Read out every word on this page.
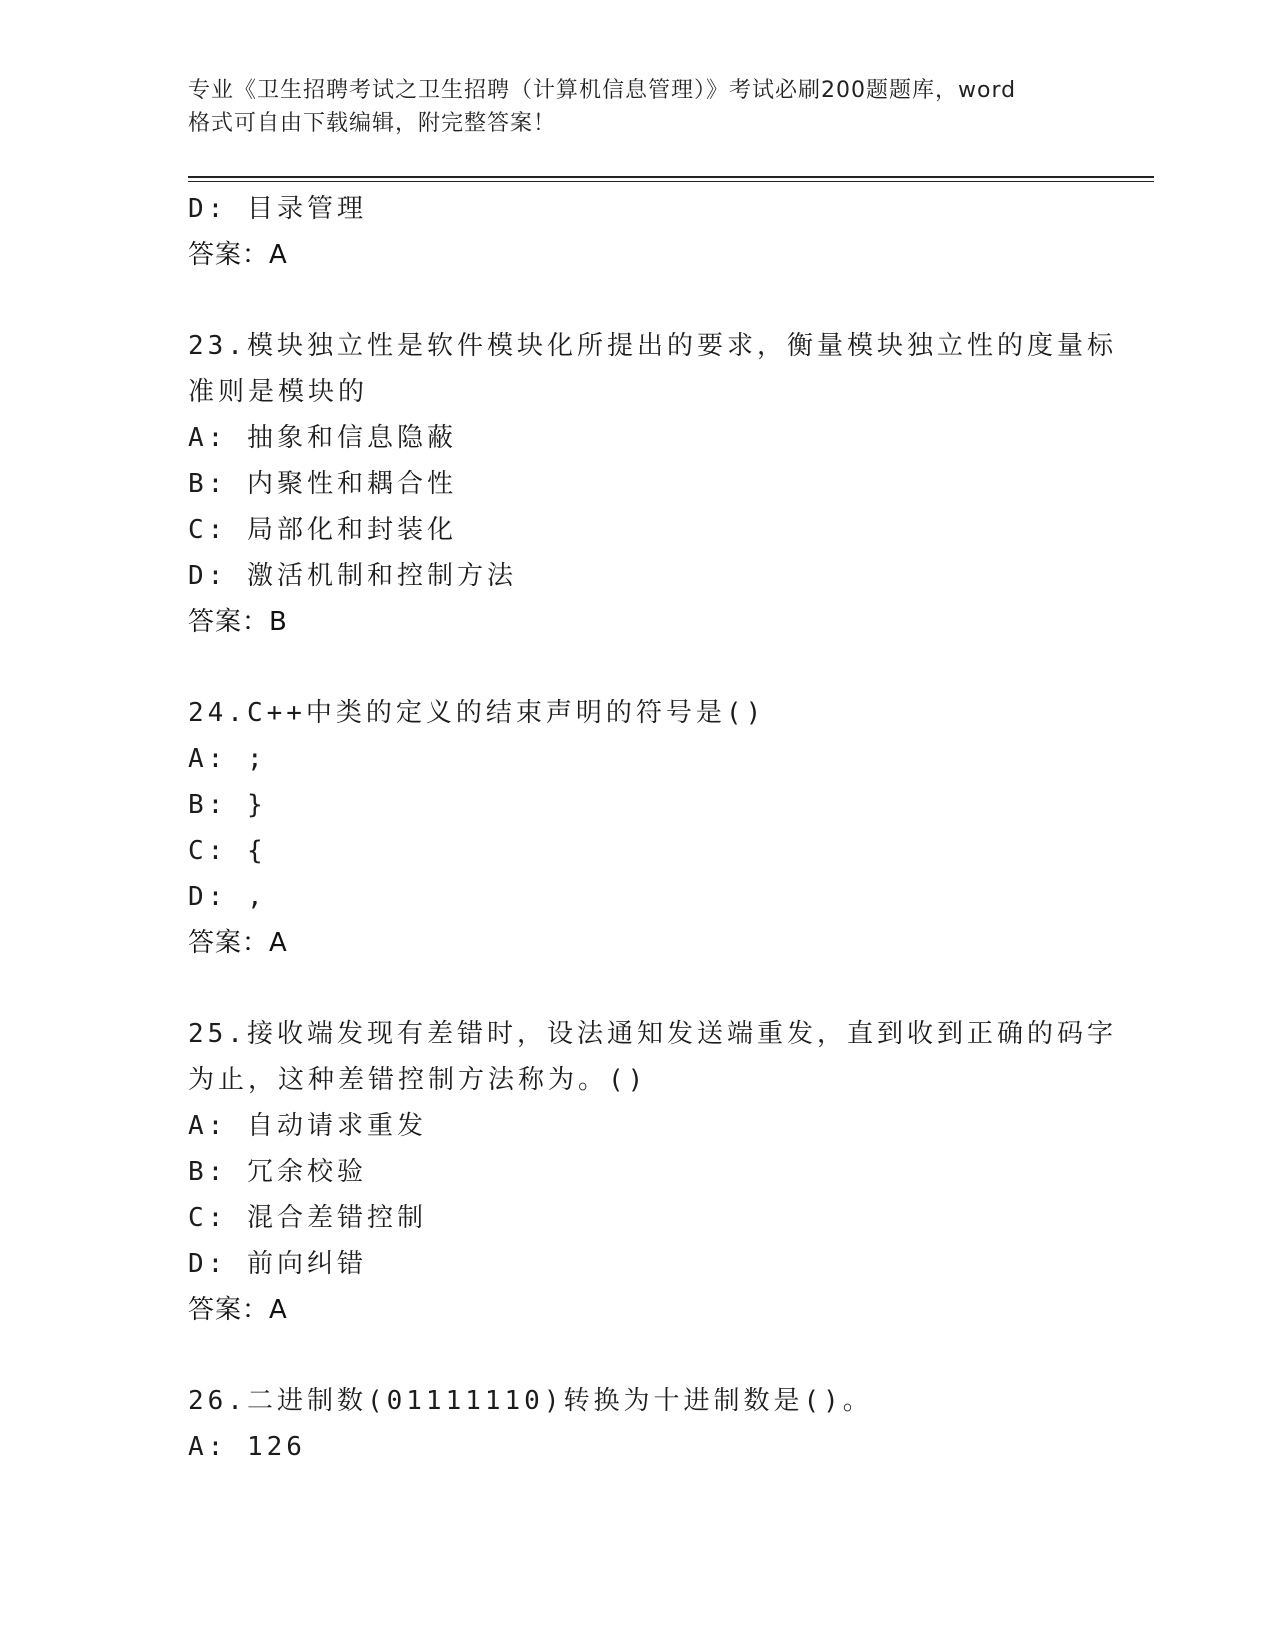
专业《卫生招聘考试之卫生招聘（计算机信息管理）》考试必刷200题题库，word
格式可自由下载编辑，附完整答案！
D: 目录管理
答案：A
23.模块独立性是软件模块化所提出的要求，衡量模块独立性的度量标
准则是模块的
A: 抽象和信息隐蔽
B: 内聚性和耦合性
C: 局部化和封装化
D: 激活机制和控制方法
答案：B
24.C++中类的定义的结束声明的符号是()
A: ;
B: }
C: {
D: ,
答案：A
25.接收端发现有差错时，设法通知发送端重发，直到收到正确的码字
为止，这种差错控制方法称为。()
A: 自动请求重发
B: 冗余校验
C: 混合差错控制
D: 前向纠错
答案：A
26.二进制数(01111110)转换为十进制数是()。
A: 126
